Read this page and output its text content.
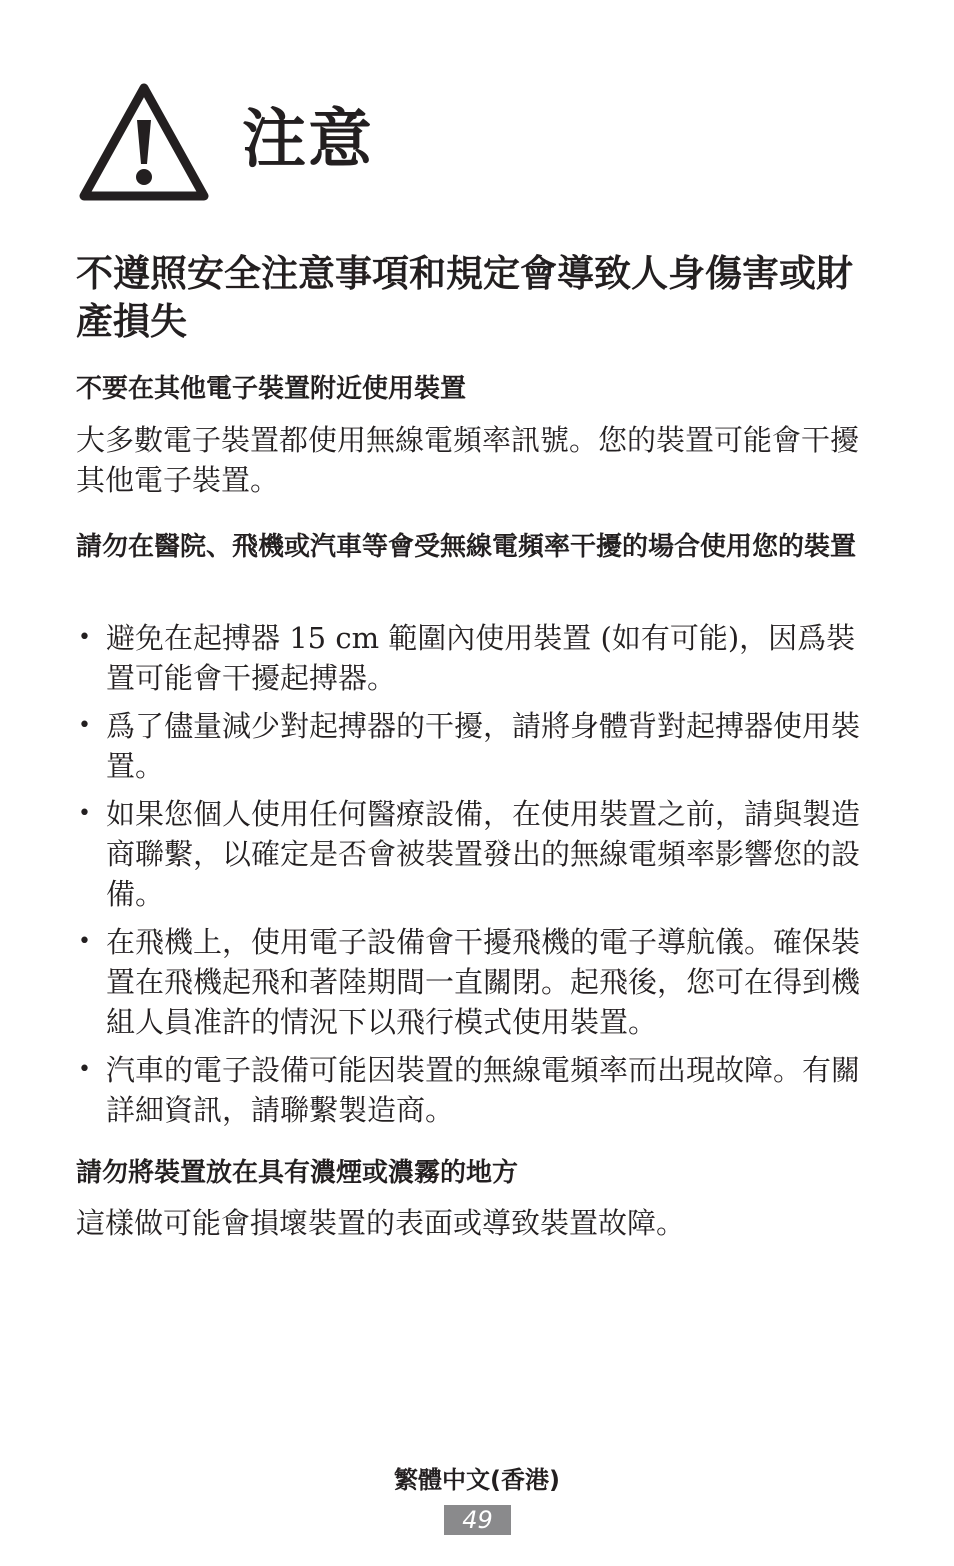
注意
不遵照安全注意事項和規定會導致人身傷害或財產損失
不要在其他電子裝置附近使用裝置

大多數電子裝置都使用無線電頻率訊號。您的裝置可能會干擾其他電子裝置。

請勿在醫院、飛機或汽車等會受無線電頻率干擾的場合使用您的裝置
• 避免在起搏器 15 cm 範圍內使用裝置 (如有可能)，因爲裝置可能會干擾起搏器。
• 爲了儘量減少對起搏器的干擾，請將身體背對起搏器使用裝置。
• 如果您個人使用任何醫療設備，在使用裝置之前，請與製造商聯繫，以確定是否會被裝置發出的無線電頻率影響您的設備。
• 在飛機上，使用電子設備會干擾飛機的電子導航儀。確保裝置在飛機起飛和著陸期間一直關閉。起飛後，您可在得到機組人員准許的情況下以飛行模式使用裝置。
• 汽車的電子設備可能因裝置的無線電頻率而出現故障。有關詳細資訊，請聯繫製造商。
請勿將裝置放在具有濃煙或濃霧的地方

這樣做可能會損壞裝置的表面或導致裝置故障。

繁體中文(香港)
49
